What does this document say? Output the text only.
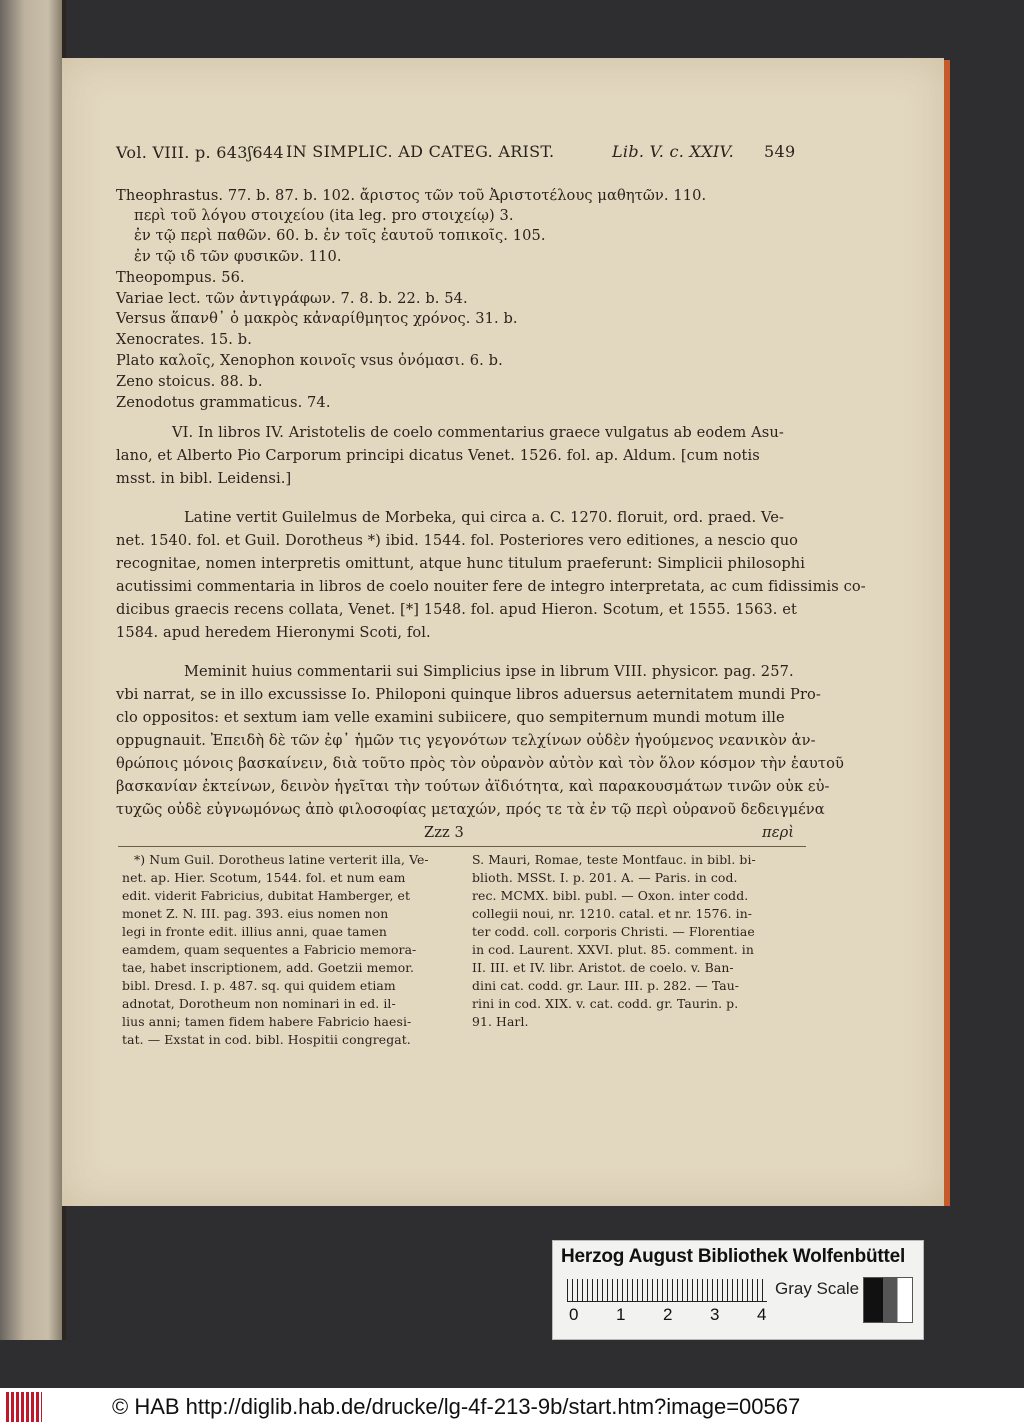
Vol. VIII. p. 643ʃ644 IN SIMPLIC. AD CATEG. ARIST.	Lib. V. c. XXIV. 549
Theophrastus. 77. b. 87. b. 102. ἄριστος τῶν τοῦ Ἀριστοτέλους μαθητῶν. 110.
περὶ τοῦ λόγου στοιχείου (ita leg. pro στοιχείῳ) 3.
ἐν τῷ περὶ παθῶν. 60. b. ἐν τοῖς ἑαυτοῦ τοπικοῖς. 105.
ἐν τῷ ιδ τῶν φυσικῶν. 110.
Theopompus. 56.
Variae lect. τῶν ἀντιγράφων. 7. 8. b. 22. b. 54.
Versus ἅπανθ᾽ ὁ μακρὸς κἀναρίθμητος χρόνος. 31. b.
Xenocrates. 15. b.
Plato καλοῖς, Xenophon κοινοῖς vsus ὀνόμασι. 6. b.
Zeno stoicus. 88. b.
Zenodotus grammaticus. 74.
VI. In libros IV. Aristotelis de coelo commentarius graece vulgatus ab eodem Asu-
lano, et Alberto Pio Carporum principi dicatus Venet. 1526. fol. ap. Aldum. [cum notis
msst. in bibl. Leidensi.]
Latine vertit Guilelmus de Morbeka, qui circa a. C. 1270. floruit, ord. praed. Ve-
net. 1540. fol. et Guil. Dorotheus *) ibid. 1544. fol. Posteriores vero editiones, a nescio quo
recognitae, nomen interpretis omittunt, atque hunc titulum praeferunt: Simplicii philosophi
acutissimi commentaria in libros de coelo nouiter fere de integro interpretata, ac cum fidissimis co-
dicibus graecis recens collata, Venet. [*] 1548. fol. apud Hieron. Scotum, et 1555. 1563. et
1584. apud heredem Hieronymi Scoti, fol.
Meminit huius commentarii sui Simplicius ipse in librum VIII. physicor. pag. 257.
vbi narrat, se in illo excussisse Io. Philoponi quinque libros aduersus aeternitatem mundi Pro-
clo oppositos: et sextum iam velle examini subiicere, quo sempiternum mundi motum ille
oppugnauit. Ἐπειδὴ δὲ τῶν ἐφ᾽ ἡμῶν τις γεγονότων τελχίνων οὐδὲν ἡγούμενος νεανικὸν ἀν-
θρώποις μόνοις βασκαίνειν, διὰ τοῦτο πρὸς τὸν οὐρανὸν αὐτὸν καὶ τὸν ὅλον κόσμον τὴν ἑαυτοῦ
βασκανίαν ἐκτείνων, δεινὸν ἡγεῖται τὴν τούτων ἀϊδιότητα, καὶ παρακουσμάτων τινῶν οὐκ εὐ-
τυχῶς οὐδὲ εὐγνωμόνως ἀπὸ φιλοσοφίας μεταχών, πρός τε τὰ ἐν τῷ περὶ οὐρανοῦ δεδειγμένα
Zzz 3	περὶ
*) Num Guil. Dorotheus latine verterit illa, Ve-
net. ap. Hier. Scotum, 1544. fol. et num eam
edit. viderit Fabricius, dubitat Hamberger, et
monet Z. N. III. pag. 393. eius nomen non
legi in fronte edit. illius anni, quae tamen
eamdem, quam sequentes a Fabricio memora-
tae, habet inscriptionem, add. Goetzii memor.
bibl. Dresd. I. p. 487. sq. qui quidem etiam
adnotat, Dorotheum non nominari in ed. il-
lius anni; tamen fidem habere Fabricio haesi-
tat. — Exstat in cod. bibl. Hospitii congregat.
S. Mauri, Romae, teste Montfauc. in bibl. bi-
blioth. MSSt. I. p. 201. A. — Paris. in cod.
rec. MCMX. bibl. publ. — Oxon. inter codd.
collegii noui, nr. 1210. catal. et nr. 1576. in-
ter codd. coll. corporis Christi. — Florentiae
in cod. Laurent. XXVI. plut. 85. comment. in
II. III. et IV. libr. Aristot. de coelo. v. Ban-
dini cat. codd. gr. Laur. III. p. 282. — Tau-
rini in cod. XIX. v. cat. codd. gr. Taurin. p.
91. Harl.
Herzog August Bibliothek Wolfenbüttel
0 1 2 3 4
Gray Scale
© HAB http://diglib.hab.de/drucke/lg-4f-213-9b/start.htm?image=00567
